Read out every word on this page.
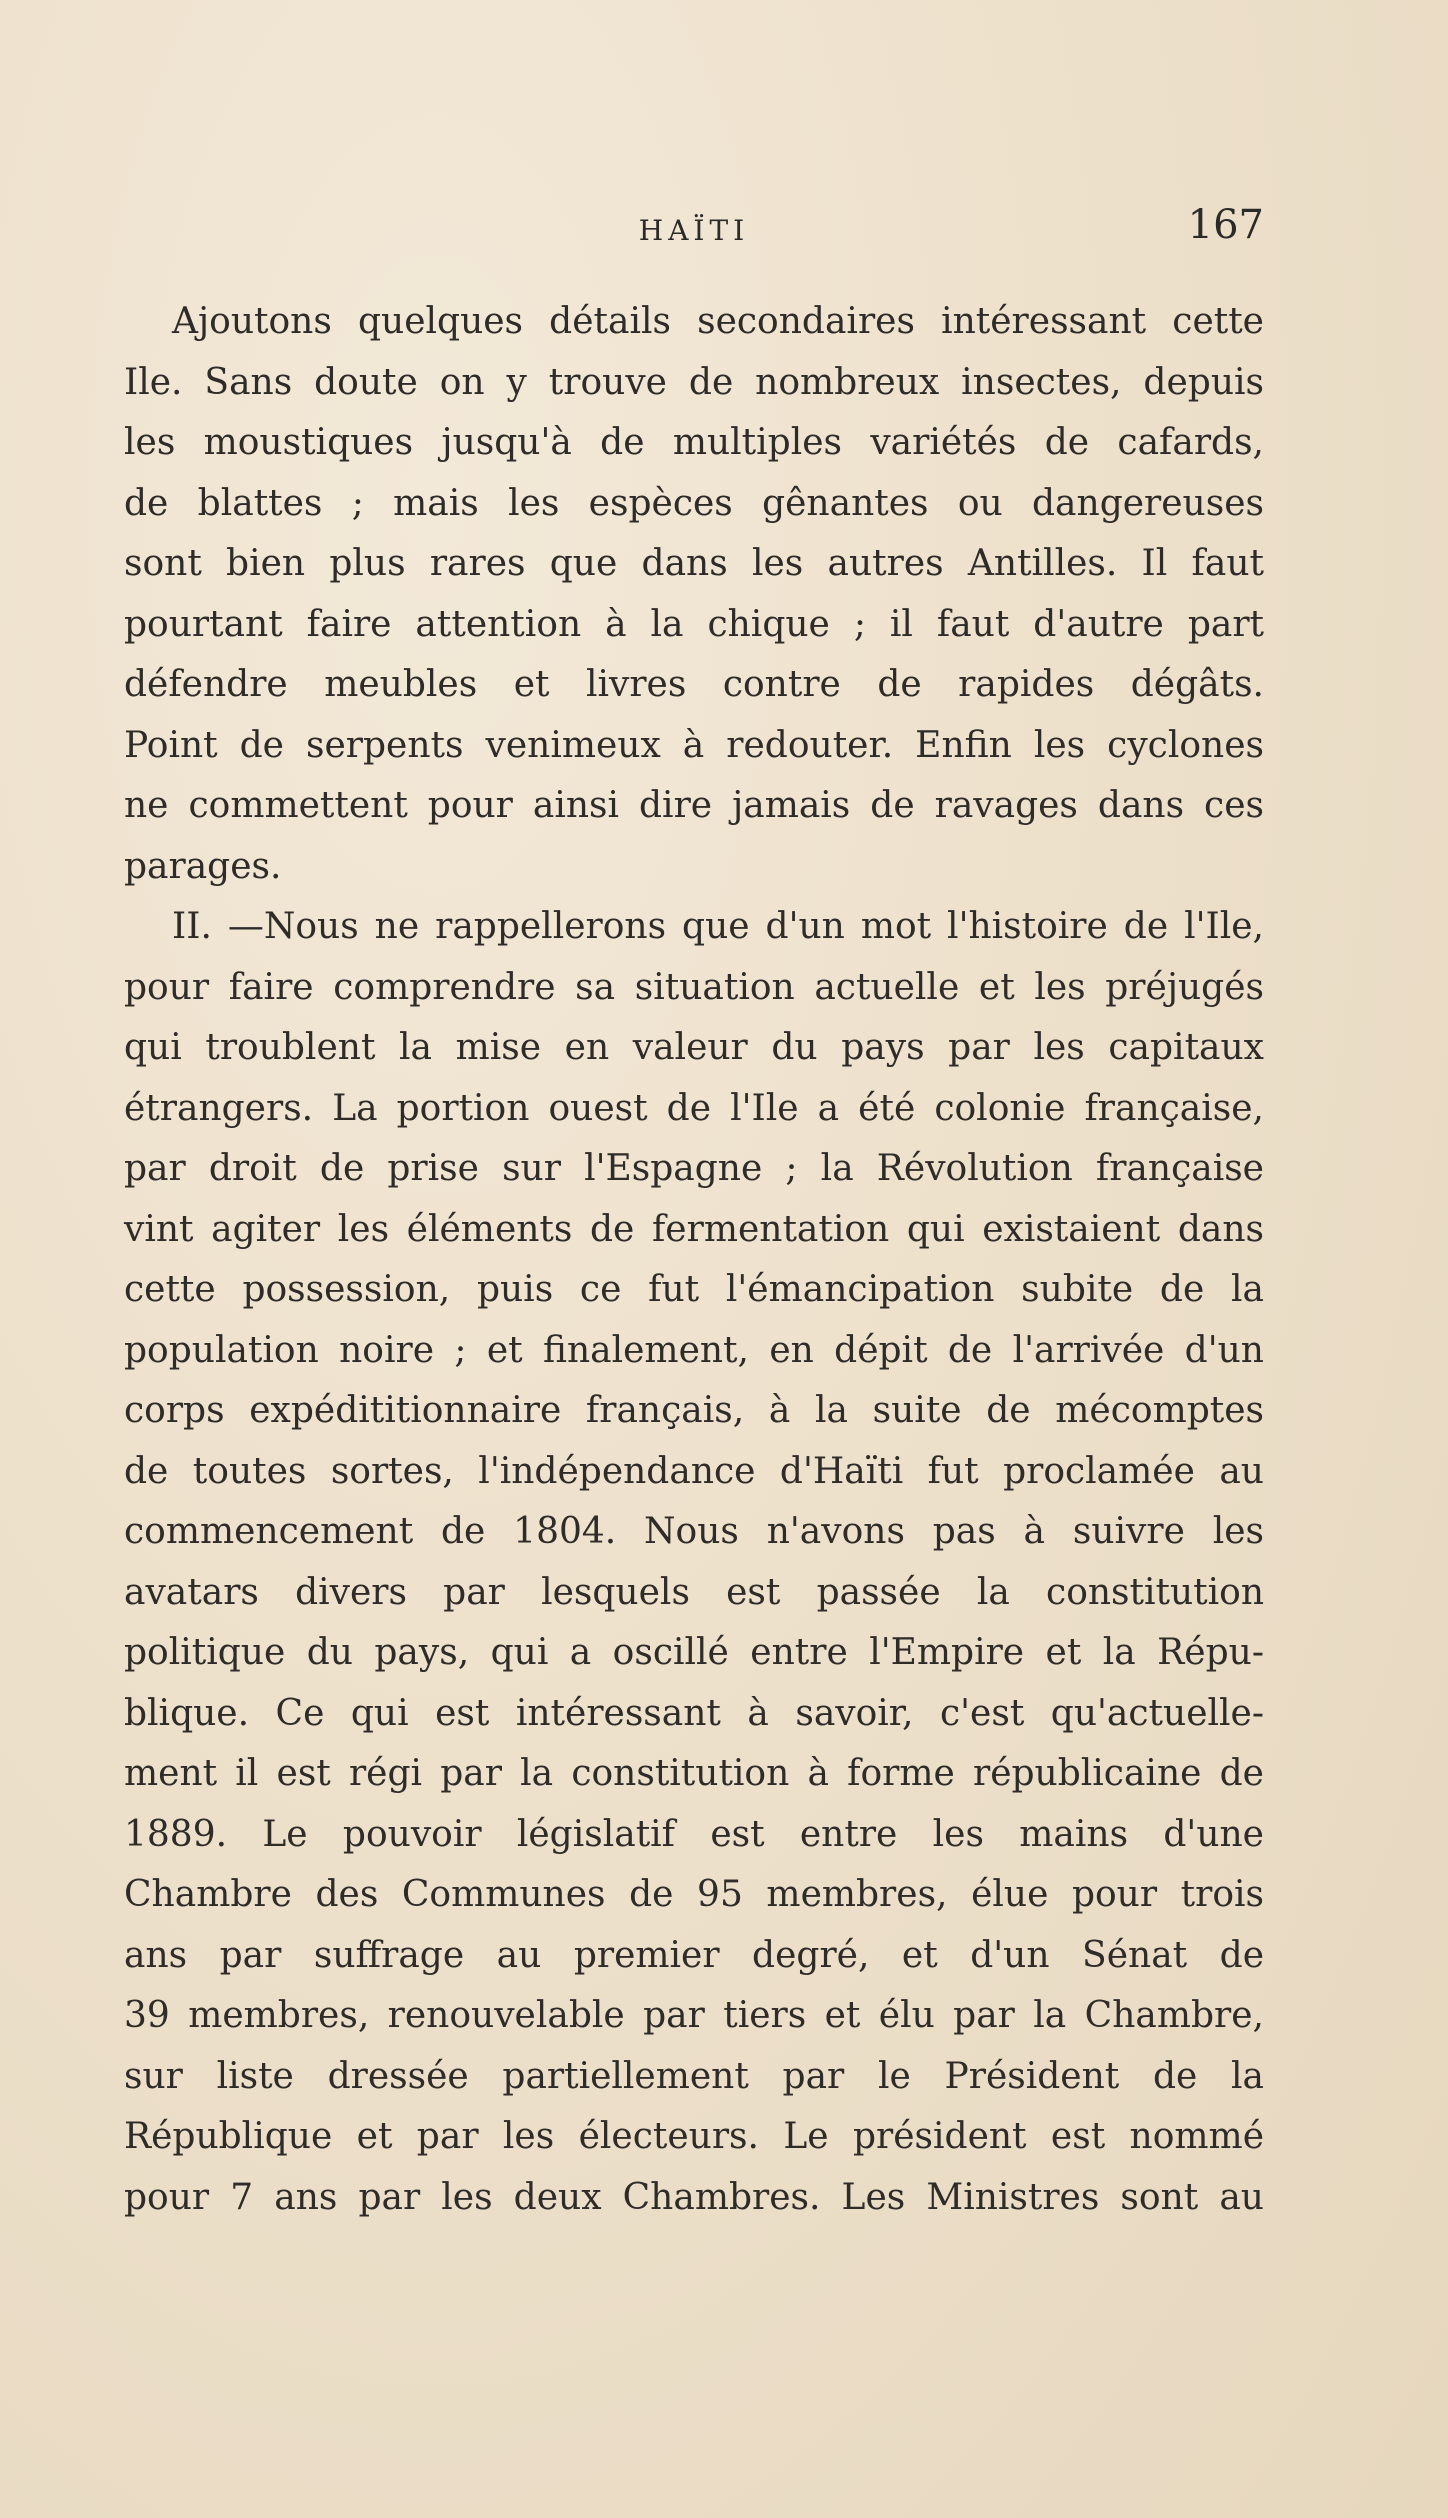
HAÏTI	167
Ajoutons quelques détails secondaires intéressant cette
Ile. Sans doute on y trouve de nombreux insectes, depuis
les moustiques jusqu'à de multiples variétés de cafards,
de blattes ; mais les espèces gênantes ou dangereuses
sont bien plus rares que dans les autres Antilles. Il faut
pourtant faire attention à la chique ; il faut d'autre part
défendre meubles et livres contre de rapides dégâts.
Point de serpents venimeux à redouter. Enfin les cyclones
ne commettent pour ainsi dire jamais de ravages dans ces
parages.
II. —Nous ne rappellerons que d'un mot l'histoire de l'Ile,
pour faire comprendre sa situation actuelle et les préjugés
qui troublent la mise en valeur du pays par les capitaux
étrangers. La portion ouest de l'Ile a été colonie française,
par droit de prise sur l'Espagne ; la Révolution française
vint agiter les éléments de fermentation qui existaient dans
cette possession, puis ce fut l'émancipation subite de la
population noire ; et finalement, en dépit de l'arrivée d'un
corps expédititionnaire français, à la suite de mécomptes
de toutes sortes, l'indépendance d'Haïti fut proclamée au
commencement de 1804. Nous n'avons pas à suivre les
avatars divers par lesquels est passée la constitution
politique du pays, qui a oscillé entre l'Empire et la Répu-
blique. Ce qui est intéressant à savoir, c'est qu'actuelle-
ment il est régi par la constitution à forme républicaine de
1889. Le pouvoir législatif est entre les mains d'une
Chambre des Communes de 95 membres, élue pour trois
ans par suffrage au premier degré, et d'un Sénat de
39 membres, renouvelable par tiers et élu par la Chambre,
sur liste dressée partiellement par le Président de la
République et par les électeurs. Le président est nommé
pour 7 ans par les deux Chambres. Les Ministres sont au
